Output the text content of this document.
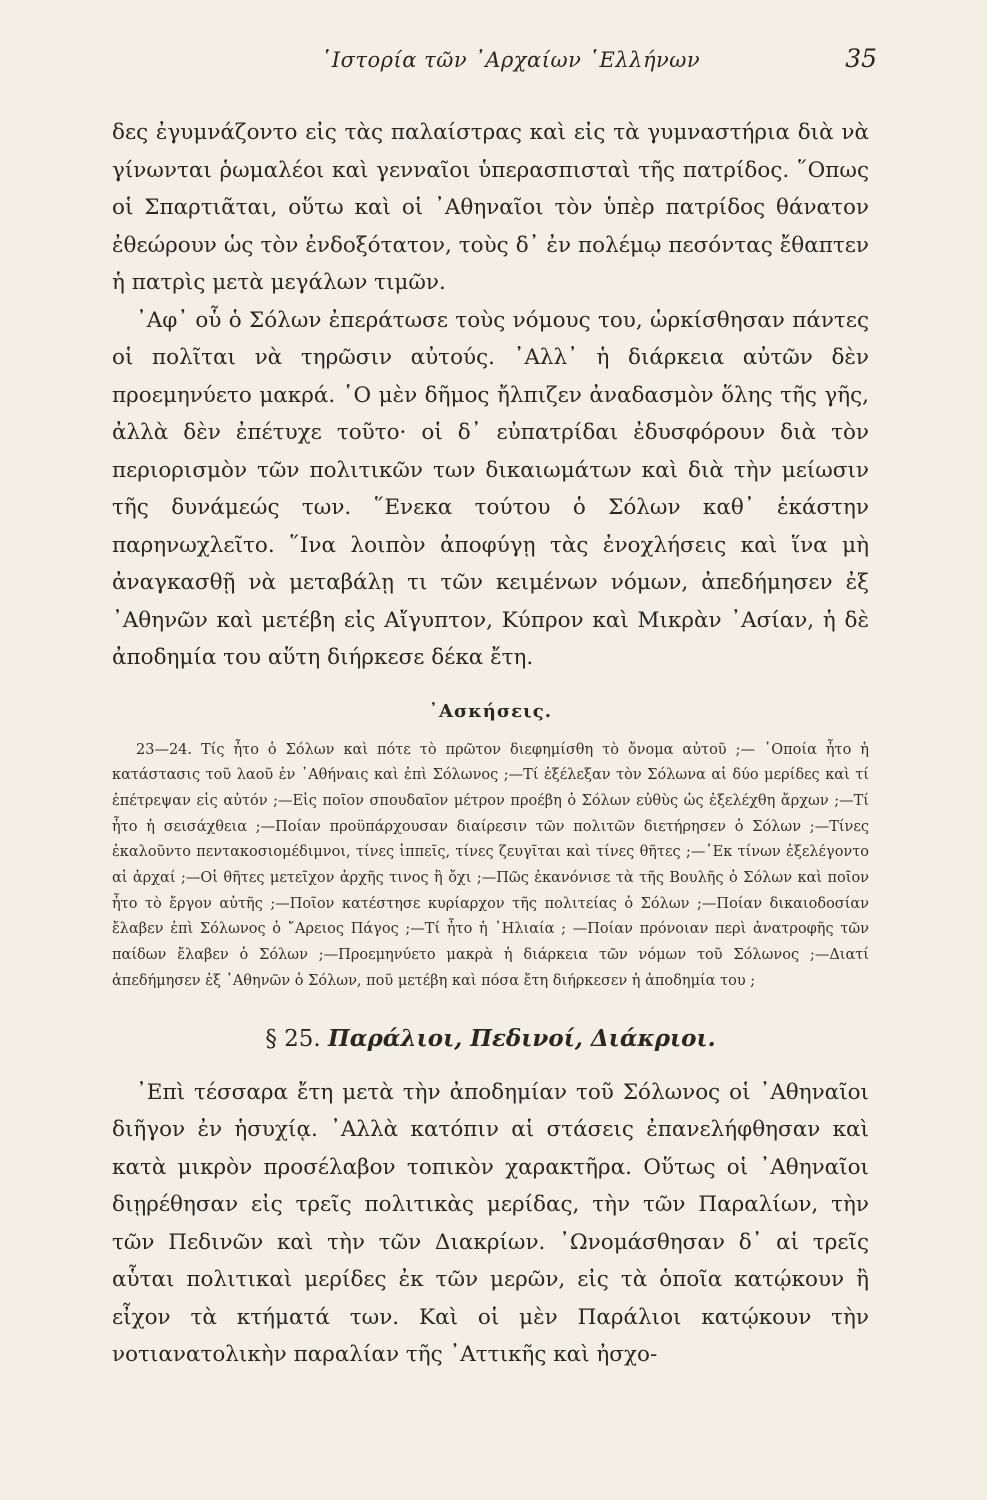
῾Ιστορία τῶν ᾿Αρχαίων ῾Ελλήνων	35

δες ἐγυμνάζοντο εἰς τὰς παλαίστρας καὶ εἰς τὰ γυμναστήρια διὰ νὰ γίνωνται ῥωμαλέοι καὶ γενναῖοι ὑπερασπισταὶ τῆς πατρίδος. ῞Οπως οἱ Σπαρτιᾶται, οὕτω καὶ οἱ ᾿Αθηναῖοι τὸν ὑπὲρ πατρίδος θάνατον ἐθεώρουν ὡς τὸν ἐνδοξότατον, τοὺς δ᾿ ἐν πολέμῳ πεσόντας ἔθαπτεν ἡ πατρὶς μετὰ μεγάλων τιμῶν.

᾿Αφ᾿ οὗ ὁ Σόλων ἐπεράτωσε τοὺς νόμους του, ὡρκίσθησαν πάντες οἱ πολῖται νὰ τηρῶσιν αὐτούς. ᾿Αλλ᾿ ἡ διάρκεια αὐτῶν δὲν προεμηνύετο μακρά. ῾Ο μὲν δῆμος ἤλπιζεν ἀναδασμὸν ὅλης τῆς γῆς, ἀλλὰ δὲν ἐπέτυχε τοῦτο· οἱ δ᾿ εὐπατρίδαι ἐδυσφόρουν διὰ τὸν περιορισμὸν τῶν πολιτικῶν των δικαιωμάτων καὶ διὰ τὴν μείωσιν τῆς δυνάμεώς των. ῞Ενεκα τούτου ὁ Σόλων καθ᾿ ἑκάστην παρηνωχλεῖτο. ῞Ινα λοιπὸν ἀποφύγῃ τὰς ἐνοχλήσεις καὶ ἵνα μὴ ἀναγκασθῇ νὰ μεταβάλῃ τι τῶν κειμένων νόμων, ἀπεδήμησεν ἐξ ᾿Αθηνῶν καὶ μετέβη εἰς Αἴγυπτον, Κύπρον καὶ Μικρὰν ᾿Ασίαν, ἡ δὲ ἀποδημία του αὕτη διήρκεσε δέκα ἔτη.

᾿Ασκήσεις.

23—24. Τίς ἦτο ὁ Σόλων καὶ πότε τὸ πρῶτον διεφημίσθη τὸ ὄνομα αὐτοῦ ;— ῾Οποία ἦτο ἡ κατάστασις τοῦ λαοῦ ἐν ᾿Αθήναις καὶ ἐπὶ Σόλωνος ;—Τί ἐξέλεξαν τὸν Σόλωνα αἱ δύο μερίδες καὶ τί ἐπέτρεψαν εἰς αὐτόν ;—Εἰς ποῖον σπουδαῖον μέτρον προέβη ὁ Σόλων εὐθὺς ὡς ἐξελέχθη ἄρχων ;—Τί ἦτο ἡ σεισάχθεια ;—Ποίαν προϋπάρχουσαν διαίρεσιν τῶν πολιτῶν διετήρησεν ὁ Σόλων ;—Τίνες ἐκαλοῦντο πεντακοσιομέδιμνοι, τίνες ἱππεῖς, τίνες ζευγῖται καὶ τίνες θῆτες ;—᾿Εκ τίνων ἐξελέγοντο αἱ ἀρχαί ;—Οἱ θῆτες μετεῖχον ἀρχῆς τινος ἢ ὄχι ;—Πῶς ἐκανόνισε τὰ τῆς Βουλῆς ὁ Σόλων καὶ ποῖον ἦτο τὸ ἔργον αὐτῆς ;—Ποῖον κατέστησε κυρίαρχον τῆς πολιτείας ὁ Σόλων ;—Ποίαν δικαιοδοσίαν ἔλαβεν ἐπὶ Σόλωνος ὁ ῎Αρειος Πάγος ;—Τί ἦτο ἡ ῾Ηλιαία ; —Ποίαν πρόνοιαν περὶ ἀνατροφῆς τῶν παίδων ἔλαβεν ὁ Σόλων ;—Προεμηνύετο μακρὰ ἡ διάρκεια τῶν νόμων τοῦ Σόλωνος ;—Διατί ἀπεδήμησεν ἐξ ᾿Αθηνῶν ὁ Σόλων, ποῦ μετέβη καὶ πόσα ἔτη διήρκεσεν ἡ ἀποδημία του ;

§ 25. Παράλιοι, Πεδινοί, Διάκριοι.

᾿Επὶ τέσσαρα ἔτη μετὰ τὴν ἀποδημίαν τοῦ Σόλωνος οἱ ᾿Αθηναῖοι διῆγον ἐν ἡσυχίᾳ. ᾿Αλλὰ κατόπιν αἱ στάσεις ἐπανελήφθησαν καὶ κατὰ μικρὸν προσέλαβον τοπικὸν χαρακτῆρα. Οὕτως οἱ ᾿Αθηναῖοι διῃρέθησαν εἰς τρεῖς πολιτικὰς μερίδας, τὴν τῶν Παραλίων, τὴν τῶν Πεδινῶν καὶ τὴν τῶν Διακρίων. ᾿Ωνομάσθησαν δ᾿ αἱ τρεῖς αὗται πολιτικαὶ μερίδες ἐκ τῶν μερῶν, εἰς τὰ ὁποῖα κατῴκουν ἢ εἶχον τὰ κτήματά των. Καὶ οἱ μὲν Παράλιοι κατῴκουν τὴν νοτιανατολικὴν παραλίαν τῆς ᾿Αττικῆς καὶ ἠσχο-
